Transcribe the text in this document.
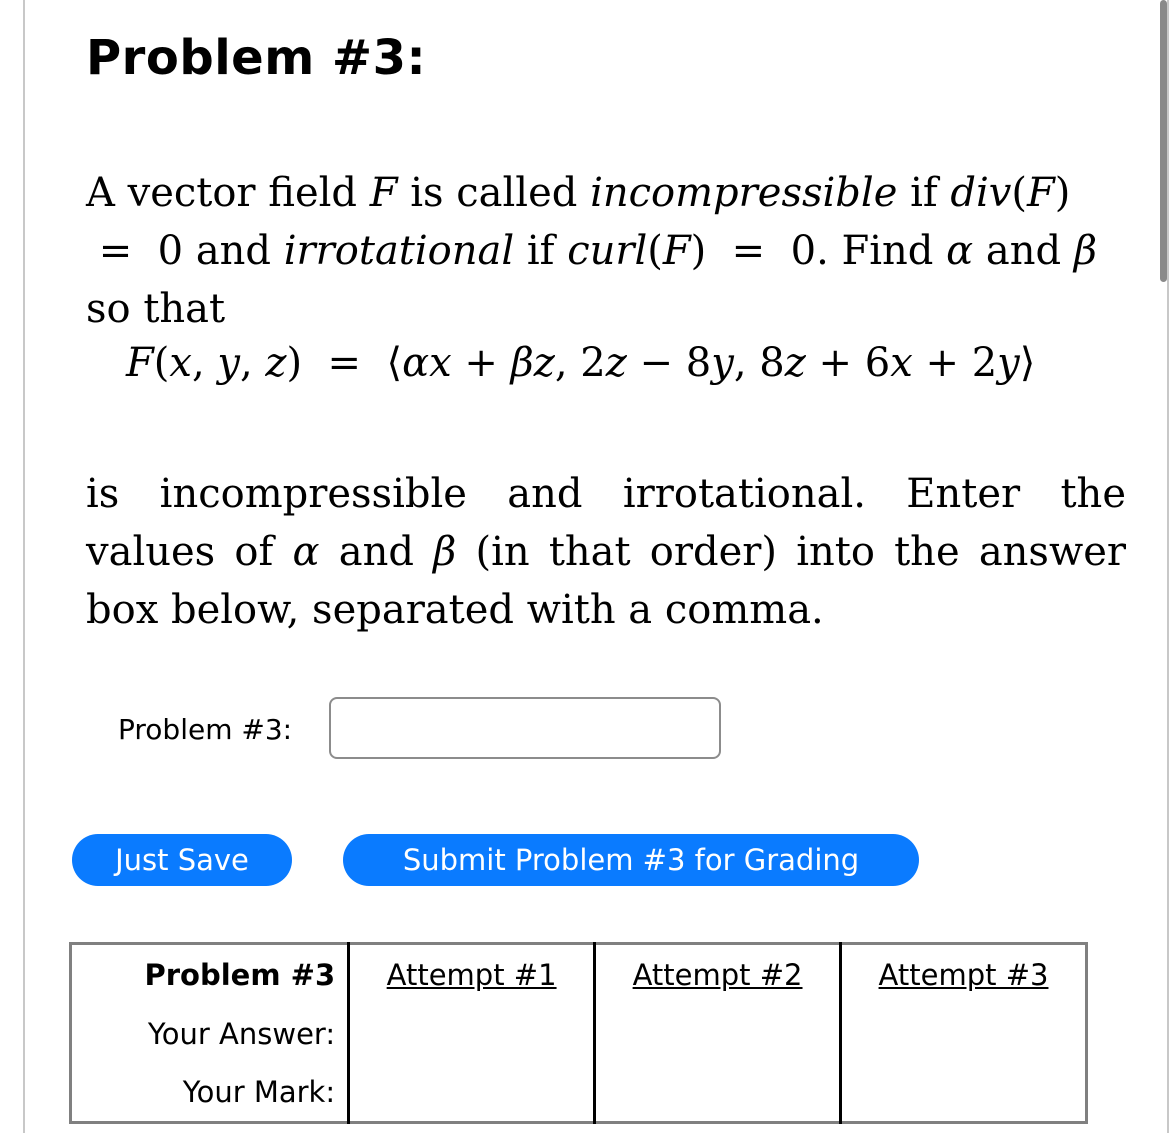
Problem #3:
A vector field F is called incompressible if div(F)  =  0 and irrotational if curl(F)  =  0. Find α and β so that
F(x, y, z)  =  ⟨αx + βz, 2z − 8y, 8z + 6x + 2y⟩
is incompressible and irrotational. Enter the values of α and β (in that order) into the answer box below, separated with a comma.
Problem #3:
Just Save	Submit Problem #3 for Grading
Problem #3	Attempt #1	Attempt #2	Attempt #3
Your Answer:			
Your Mark:			
